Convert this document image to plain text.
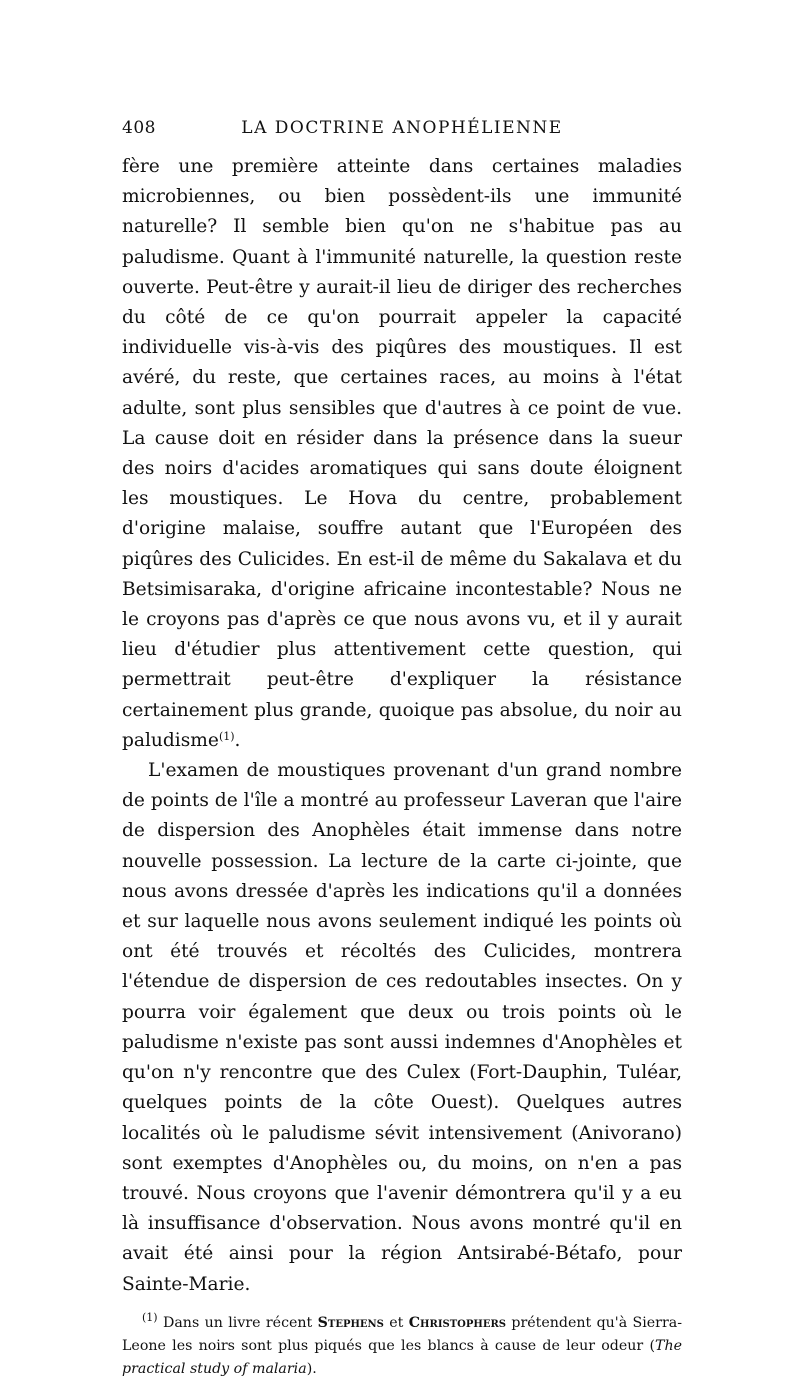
408	LA DOCTRINE ANOPHÉLIENNE

fère une première atteinte dans certaines maladies microbiennes, ou bien possèdent-ils une immunité naturelle? Il semble bien qu'on ne s'habitue pas au paludisme. Quant à l'immunité naturelle, la question reste ouverte. Peut-être y aurait-il lieu de diriger des recherches du côté de ce qu'on pourrait appeler la capacité individuelle vis-à-vis des piqûres des moustiques. Il est avéré, du reste, que certaines races, au moins à l'état adulte, sont plus sensibles que d'autres à ce point de vue. La cause doit en résider dans la présence dans la sueur des noirs d'acides aromatiques qui sans doute éloignent les moustiques. Le Hova du centre, probablement d'origine malaise, souffre autant que l'Européen des piqûres des Culicides. En est-il de même du Sakalava et du Betsimisaraka, d'origine africaine incontestable? Nous ne le croyons pas d'après ce que nous avons vu, et il y aurait lieu d'étudier plus attentivement cette question, qui permettrait peut-être d'expliquer la résistance certainement plus grande, quoique pas absolue, du noir au paludisme$^{(1)}$.

L'examen de moustiques provenant d'un grand nombre de points de l'île a montré au professeur Laveran que l'aire de dispersion des Anophèles était immense dans notre nouvelle possession. La lecture de la carte ci-jointe, que nous avons dressée d'après les indications qu'il a données et sur laquelle nous avons seulement indiqué les points où ont été trouvés et récoltés des Culicides, montrera l'étendue de dispersion de ces redoutables insectes. On y pourra voir également que deux ou trois points où le paludisme n'existe pas sont aussi indemnes d'Anophèles et qu'on n'y rencontre que des Culex (Fort-Dauphin, Tuléar, quelques points de la côte Ouest). Quelques autres localités où le paludisme sévit intensivement (Anivorano) sont exemptes d'Anophèles ou, du moins, on n'en a pas trouvé. Nous croyons que l'avenir démontrera qu'il y a eu là insuffisance d'observation. Nous avons montré qu'il en avait été ainsi pour la région Antsirabé-Bétafo, pour Sainte-Marie.

$^{(1)}$ Dans un livre récent Stephens et Christophers prétendent qu'à Sierra-Leone les noirs sont plus piqués que les blancs à cause de leur odeur (The practical study of malaria).
